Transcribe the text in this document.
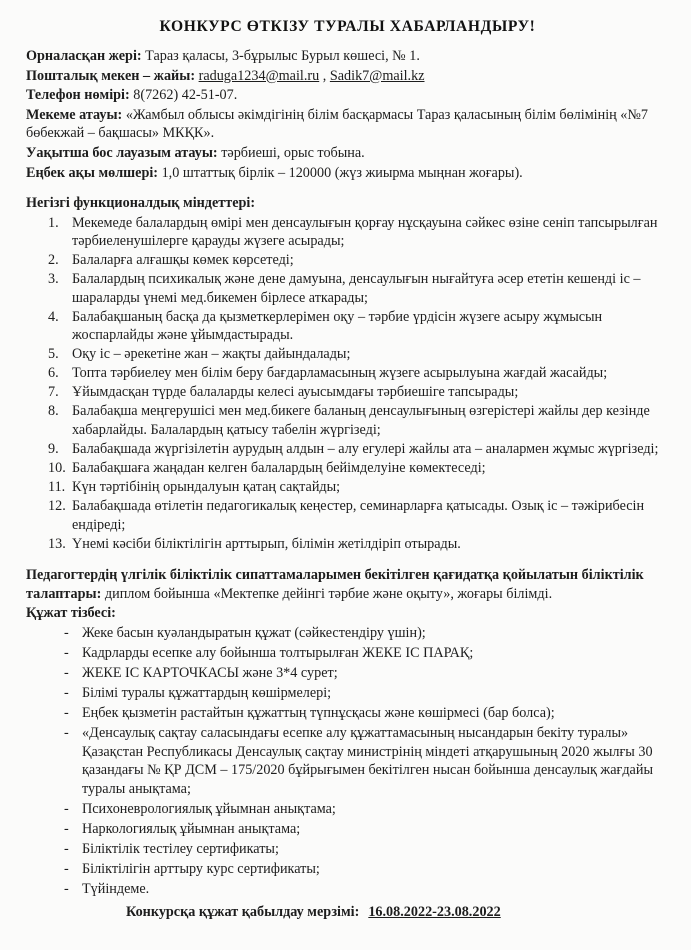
КОНКУРС ӨТКІЗУ ТУРАЛЫ ХАБАРЛАНДЫРУ!
Орналасқан жері: Тараз қаласы, 3-бұрылыс Бурыл көшесі, № 1.
Пошталық мекен – жайы: raduga1234@mail.ru , Sadik7@mail.kz
Телефон нөмірі: 8(7262) 42-51-07.
Мекеме атауы: «Жамбыл облысы әкімдігінің білім басқармасы Тараз қаласының білім бөлімінің «№7 бөбекжай – бақшасы» МКҚК».
Уақытша бос лауазым атауы: тәрбиеші, орыс тобына.
Еңбек ақы мөлшері: 1,0 штаттық бірлік – 120000 (жүз жиырма мыңнан жоғары).
Негізгі функционалдық міндеттері:
Мекемеде балалардың өмірі мен денсаулығын қорғау нұсқауына сәйкес өзіне сеніп тапсырылған тәрбиеленушілерге қарауды жүзеге асырады;
Балаларға алғашқы көмек көрсетеді;
Балалардың психикалық және дене дамуына, денсаулығын нығайтуға әсер ететін кешенді іс – шараларды үнемі мед.бикемен бірлесе аткарады;
Балабақшаның басқа да қызметкерлерімен оқу – тәрбие үрдісін жүзеге асыру жұмысын жоспарлайды және ұйымдастырады.
Оқу іс – әрекетіне жан – жақты дайындалады;
Топта тәрбиелеу мен білім беру бағдарламасының жүзеге асырылуына жағдай жасайды;
Ұйымдасқан түрде балаларды келесі ауысымдағы тәрбиешіге тапсырады;
Балабақша меңгерушісі мен мед.бикеге баланың денсаулығының өзгерістері жайлы дер кезінде хабарлайды. Балалардың қатысу табелін жүргізеді;
Балабақшада жүргізілетін аурудың алдын – алу егулері жайлы ата – аналармен жұмыс жүргізеді;
Балабақшаға жаңадан келген балалардың бейімделуіне көмектеседі;
Күн тәртібінің орындалуын қатаң сақтайды;
Балабақшада өтілетін педагогикалық кеңестер, семинарларға қатысады. Озық іс – тәжірибесін ендіреді;
Үнемі кәсіби біліктілігін арттырып, білімін жетілдіріп отырады.
Педагогтердің үлгілік біліктілік сипаттамаларымен бекітілген қағидатқа қойылатын біліктілік талаптары: диплом бойынша «Мектепке дейінгі тәрбие және оқыту», жоғары білімді.
Құжат тізбесі:
- Жеке басын куәландыратын құжат (сәйкестендіру үшін);
- Кадрларды есепке алу бойынша толтырылған ЖЕКЕ ІС ПАРАҚ;
- ЖЕКЕ ІС КАРТОЧКАСЫ және 3*4 сурет;
- Білімі туралы құжаттардың көшірмелері;
- Еңбек қызметін растайтын құжаттың түпнұсқасы және көшірмесі (бар болса);
- «Денсаулық сақтау саласындағы есепке алу құжаттамасының нысандарын бекіту туралы» Қазақстан Республикасы Денсаулық сақтау министрінің міндеті атқарушының 2020 жылғы 30 қазандағы № ҚР ДСМ – 175/2020 бұйрығымен бекітілген нысан бойынша денсаулық жағдайы туралы анықтама;
- Психоневрологиялық ұйымнан анықтама;
- Наркологиялық ұйымнан анықтама;
- Біліктілік тестілеу сертификаты;
- Біліктілігін арттыру курс сертификаты;
- Түйіндеме.
Конкурсқа құжат қабылдау мерзімі: 16.08.2022-23.08.2022
